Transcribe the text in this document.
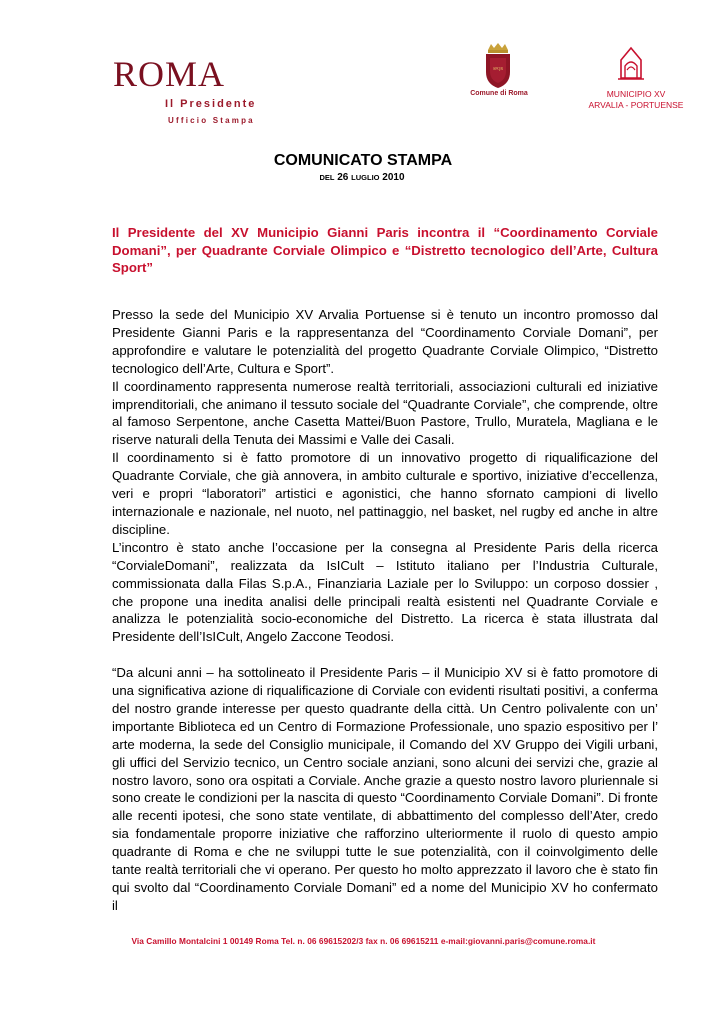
ROMA
Il Presidente
Ufficio Stampa
SPQR
Comune di Roma	MUNICIPIO XV
ARVALIA - PORTUENSE
COMUNICATO STAMPA
DEL 26 LUGLIO 2010
Il Presidente del XV Municipio Gianni Paris incontra il “Coordinamento Corviale Domani”, per Quadrante Corviale Olimpico e “Distretto tecnologico dell’Arte, Cultura Sport”

Presso la sede del Municipio XV Arvalia Portuense si è tenuto un incontro promosso dal Presidente Gianni Paris e la rappresentanza del “Coordinamento Corviale Domani”, per approfondire e valutare le potenzialità del progetto Quadrante Corviale Olimpico, “Distretto tecnologico dell’Arte, Cultura e Sport”.

Il coordinamento rappresenta numerose realtà territoriali, associazioni culturali ed iniziative imprenditoriali, che animano il tessuto sociale del “Quadrante Corviale”, che comprende, oltre al famoso Serpentone, anche Casetta Mattei/Buon Pastore, Trullo, Muratela, Magliana e le riserve naturali della Tenuta dei Massimi e Valle dei Casali.

Il coordinamento si è fatto promotore di un innovativo progetto di riqualificazione del Quadrante Corviale, che già annovera, in ambito culturale e sportivo, iniziative d’eccellenza, veri e propri “laboratori” artistici e agonistici, che hanno sfornato campioni di livello internazionale e nazionale, nel nuoto, nel pattinaggio, nel basket, nel rugby ed anche in altre discipline.

L’incontro è stato anche l’occasione per la consegna al Presidente Paris della ricerca “CorvialeDomani”, realizzata da IsICult – Istituto italiano per l’Industria Culturale, commissionata dalla Filas S.p.A., Finanziaria Laziale per lo Sviluppo: un corposo dossier , che propone una inedita analisi delle principali realtà esistenti nel Quadrante Corviale e analizza le potenzialità socio-economiche del Distretto. La ricerca è stata illustrata dal Presidente dell’IsICult, Angelo Zaccone Teodosi.

“Da alcuni anni – ha sottolineato il Presidente Paris – il Municipio XV si è fatto promotore di una significativa azione di riqualificazione di Corviale con evidenti risultati positivi, a conferma del nostro grande interesse per questo quadrante della città. Un Centro polivalente con un’ importante Biblioteca ed un Centro di Formazione Professionale, uno spazio espositivo per l’ arte moderna, la sede del Consiglio municipale, il Comando del XV Gruppo dei Vigili urbani, gli uffici del Servizio tecnico, un Centro sociale anziani, sono alcuni dei servizi che, grazie al nostro lavoro, sono ora ospitati a Corviale. Anche grazie a questo nostro lavoro pluriennale si sono create le condizioni per la nascita di questo “Coordinamento Corviale Domani”. Di fronte alle recenti ipotesi, che sono state ventilate, di abbattimento del complesso dell’Ater, credo sia fondamentale proporre iniziative che rafforzino ulteriormente il ruolo di questo ampio quadrante di Roma e che ne sviluppi tutte le sue potenzialità, con il coinvolgimento delle tante realtà territoriali che vi operano. Per questo ho molto apprezzato il lavoro che è stato fin qui svolto dal “Coordinamento Corviale Domani” ed a nome del Municipio XV ho confermato il

Via Camillo Montalcini 1 00149 Roma Tel. n. 06 69615202/3 fax n. 06 69615211 e-mail:giovanni.paris@comune.roma.it
